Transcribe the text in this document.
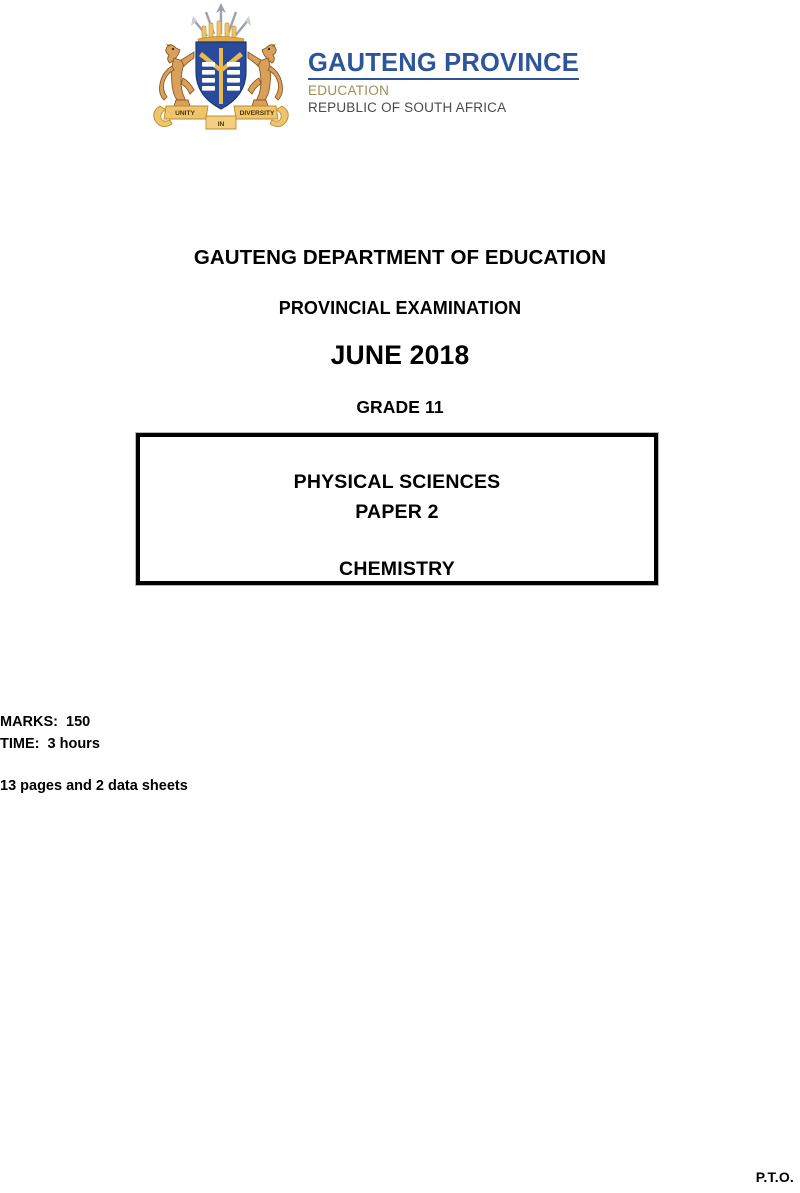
UNITY	DIVERSITY
IN
GAUTENG PROVINCE
EDUCATION
REPUBLIC OF SOUTH AFRICA

GAUTENG DEPARTMENT OF EDUCATION

PROVINCIAL EXAMINATION

JUNE 2018

GRADE 11

PHYSICAL SCIENCES

PAPER 2

CHEMISTRY

MARKS:  150

TIME:  3 hours

13 pages and 2 data sheets

P.T.O.
